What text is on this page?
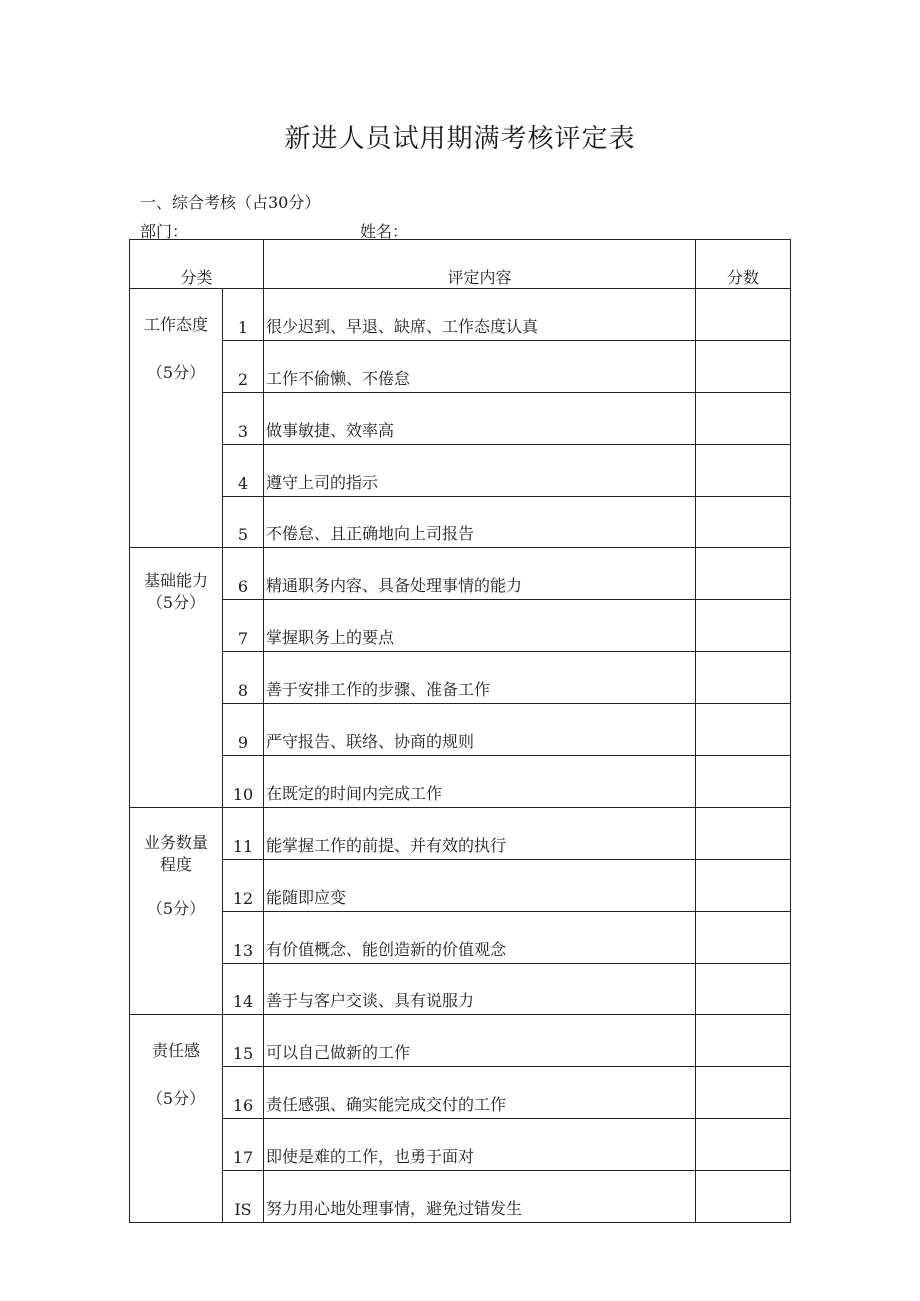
新进人员试用期满考核评定表
一、综合考核（占30分）
部门：	姓名：
分类		评定内容	分数

工作态度
（5分）	1	很少迟到、早退、缺席、工作态度认真	
	2	工作不偷懒、不倦怠	
	3	做事敏捷、效率高	
	4	遵守上司的指示	
	5	不倦怠、且正确地向上司报告	

基础能力
（5分）	6	精通职务内容、具备处理事情的能力	
	7	掌握职务上的要点	
	8	善于安排工作的步骤、准备工作	
	9	严守报告、联络、协商的规则	
	10	在既定的时间内完成工作	

业务数量
程度
（5分）	11	能掌握工作的前提、并有效的执行	
	12	能随即应变	
	13	有价值概念、能创造新的价值观念	
	14	善于与客户交谈、具有说服力	

责任感
（5分）	15	可以自己做新的工作	
	16	责任感强、确实能完成交付的工作	
	17	即使是难的工作，也勇于面对	
	IS	努力用心地处理事情，避免过错发生	
